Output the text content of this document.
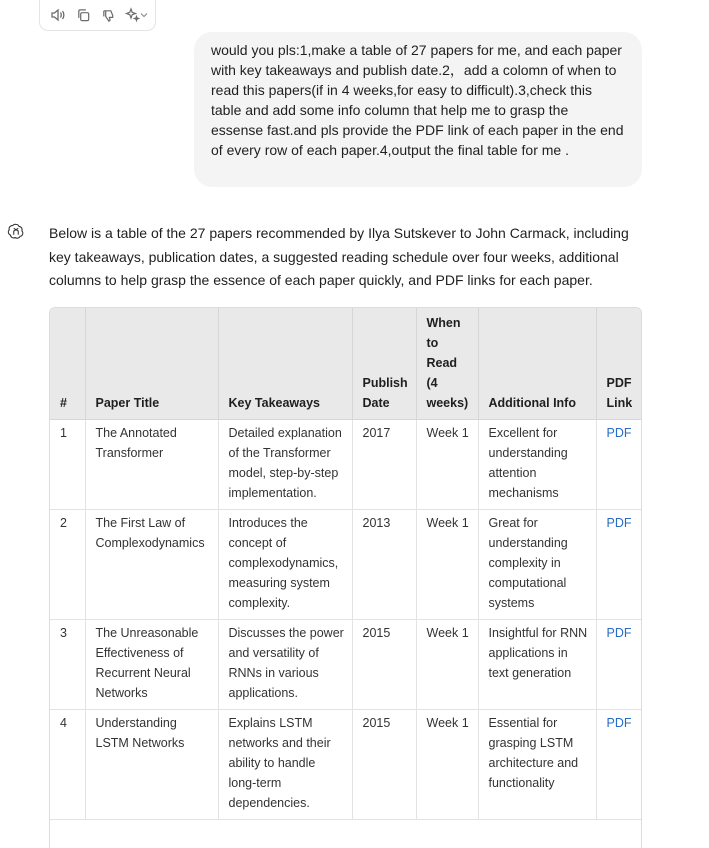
would you pls:1,make a table of 27 papers for me, and each paper with key takeaways and publish date.2，add a colomn of when to read this papers(if in 4 weeks,for easy to difficult).3,check this table and add some info column that help me to grasp the essense fast.and pls provide the PDF link of each paper in the end of every row of each paper.4,output the final table for me .
Below is a table of the 27 papers recommended by Ilya Sutskever to John Carmack, including key takeaways, publication dates, a suggested reading schedule over four weeks, additional columns to help grasp the essence of each paper quickly, and PDF links for each paper.
#	Paper Title	Key Takeaways	Publish Date	When to Read (4 weeks)	Additional Info	PDF Link
1	The Annotated Transformer	Detailed explanation of the Transformer model, step-by-step implementation.	2017	Week 1	Excellent for understanding attention mechanisms	PDF
2	The First Law of Complexodynamics	Introduces the concept of complexodynamics, measuring system complexity.	2013	Week 1	Great for understanding complexity in computational systems	PDF
3	The Unreasonable Effectiveness of Recurrent Neural Networks	Discusses the power and versatility of RNNs in various applications.	2015	Week 1	Insightful for RNN applications in text generation	PDF
4	Understanding LSTM Networks	Explains LSTM networks and their ability to handle long-term dependencies.	2015	Week 1	Essential for grasping LSTM architecture and functionality	PDF
